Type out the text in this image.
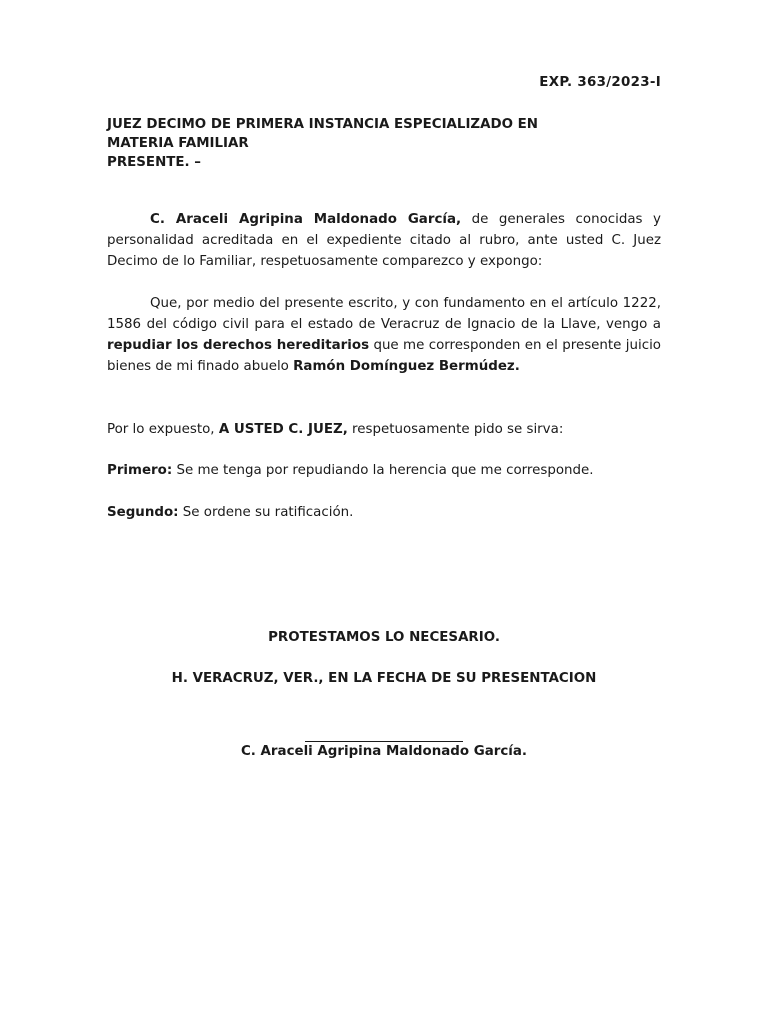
EXP. 363/2023-I

JUEZ DECIMO DE PRIMERA INSTANCIA ESPECIALIZADO EN
MATERIA FAMILIAR
PRESENTE. –

C. Araceli Agripina Maldonado García, de generales conocidas y personalidad acreditada en el expediente citado al rubro, ante usted C. Juez Decimo de lo Familiar, respetuosamente comparezco y expongo:

Que, por medio del presente escrito, y con fundamento en el artículo 1222, 1586 del código civil para el estado de Veracruz de Ignacio de la Llave, vengo a repudiar los derechos hereditarios que me corresponden en el presente juicio bienes de mi finado abuelo Ramón Domínguez Bermúdez.

Por lo expuesto, A USTED C. JUEZ, respetuosamente pido se sirva:

Primero: Se me tenga por repudiando la herencia que me corresponde.

Segundo: Se ordene su ratificación.

PROTESTAMOS LO NECESARIO.

H. VERACRUZ, VER., EN LA FECHA DE SU PRESENTACION

C. Araceli Agripina Maldonado García.
